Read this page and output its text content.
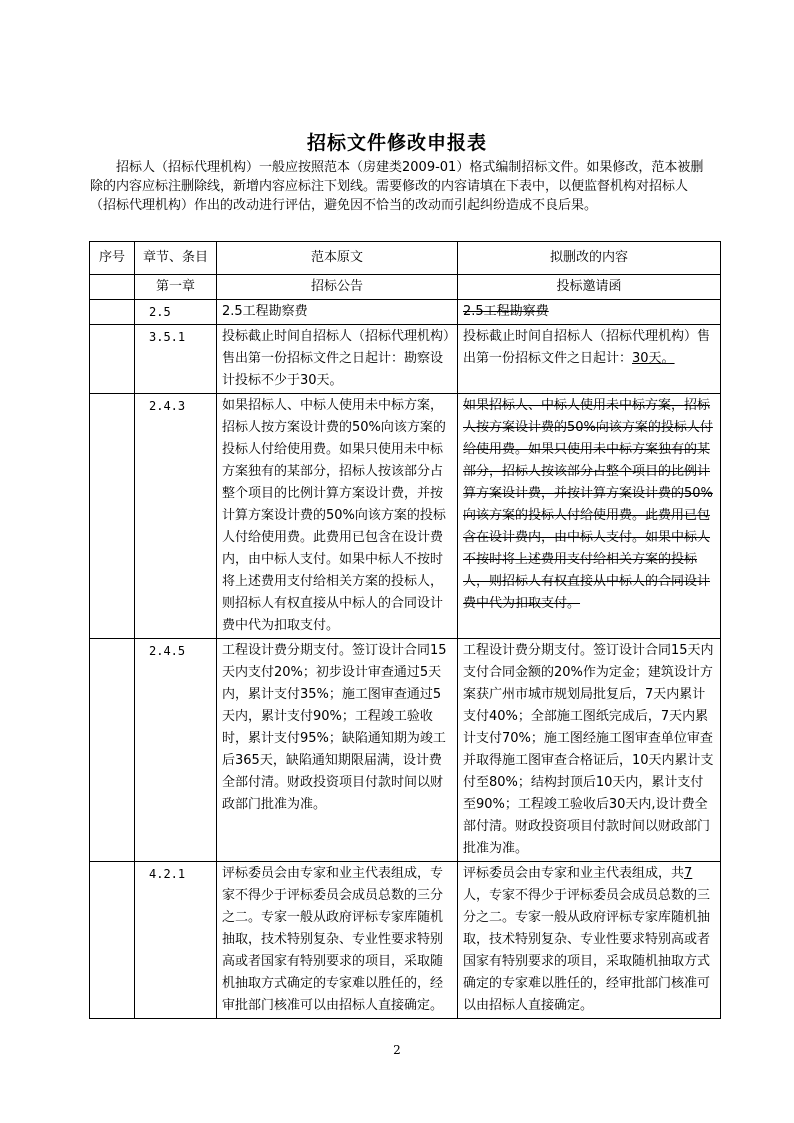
招标文件修改申报表
招标人（招标代理机构）一般应按照范本（房建类2009-01）格式编制招标文件。如果修改，范本被删除的内容应标注删除线，新增内容应标注下划线。需要修改的内容请填在下表中，以便监督机构对招标人（招标代理机构）作出的改动进行评估，避免因不恰当的改动而引起纠纷造成不良后果。
序号	章节、条目	范本原文	拟删改的内容
	第一章	招标公告	投标邀请函
	2.5	2.5工程勘察费	2.5工程勘察费
	3.5.1	投标截止时间自招标人（招标代理机构）售出第一份招标文件之日起计：勘察设计投标不少于30天。	投标截止时间自招标人（招标代理机构）售出第一份招标文件之日起计：30天。
	2.4.3	如果招标人、中标人使用未中标方案，招标人按方案设计费的50%向该方案的投标人付给使用费。如果只使用未中标方案独有的某部分，招标人按该部分占整个项目的比例计算方案设计费，并按计算方案设计费的50%向该方案的投标人付给使用费。此费用已包含在设计费内，由中标人支付。如果中标人不按时将上述费用支付给相关方案的投标人，则招标人有权直接从中标人的合同设计费中代为扣取支付。	如果招标人、中标人使用未中标方案，招标人按方案设计费的50%向该方案的投标人付给使用费。如果只使用未中标方案独有的某部分，招标人按该部分占整个项目的比例计算方案设计费，并按计算方案设计费的50%向该方案的投标人付给使用费。此费用已包含在设计费内，由中标人支付。如果中标人不按时将上述费用支付给相关方案的投标人，则招标人有权直接从中标人的合同设计费中代为扣取支付。
	2.4.5	工程设计费分期支付。签订设计合同15天内支付20%；初步设计审查通过5天内，累计支付35%；施工图审查通过5天内，累计支付90%；工程竣工验收时，累计支付95%；缺陷通知期为竣工后365天，缺陷通知期限届满，设计费全部付清。财政投资项目付款时间以财政部门批准为准。	工程设计费分期支付。签订设计合同15天内支付合同金额的20%作为定金；建筑设计方案获广州市城市规划局批复后，7天内累计支付40%；全部施工图纸完成后，7天内累计支付70%；施工图经施工图审查单位审查并取得施工图审查合格证后，10天内累计支付至80%；结构封顶后10天内，累计支付至90%；工程竣工验收后30天内,设计费全部付清。财政投资项目付款时间以财政部门批准为准。
	4.2.1	评标委员会由专家和业主代表组成，专家不得少于评标委员会成员总数的三分之二。专家一般从政府评标专家库随机抽取，技术特别复杂、专业性要求特别高或者国家有特别要求的项目，采取随机抽取方式确定的专家难以胜任的，经审批部门核准可以由招标人直接确定。	评标委员会由专家和业主代表组成，共7人，专家不得少于评标委员会成员总数的三分之二。专家一般从政府评标专家库随机抽取，技术特别复杂、专业性要求特别高或者国家有特别要求的项目，采取随机抽取方式确定的专家难以胜任的，经审批部门核准可以由招标人直接确定。
2
